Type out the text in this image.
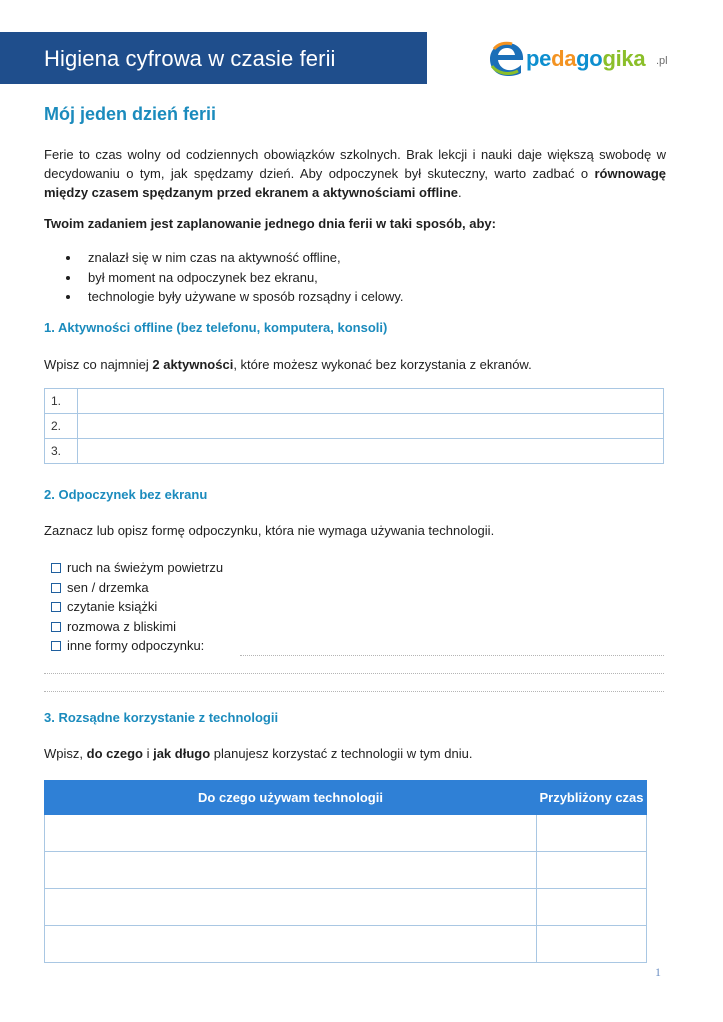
Higiena cyfrowa w czasie ferii	pedagogika .pl
Mój jeden dzień ferii
Ferie to czas wolny od codziennych obowiązków szkolnych. Brak lekcji i nauki daje większą swobodę w decydowaniu o tym, jak spędzamy dzień. Aby odpoczynek był skuteczny, warto zadbać o równowagę między czasem spędzanym przed ekranem a aktywnościami offline.
Twoim zadaniem jest zaplanowanie jednego dnia ferii w taki sposób, aby:
znalazł się w nim czas na aktywność offline,
był moment na odpoczynek bez ekranu,
technologie były używane w sposób rozsądny i celowy.
1. Aktywności offline (bez telefonu, komputera, konsoli)
Wpisz co najmniej 2 aktywności, które możesz wykonać bez korzystania z ekranów.
1.	
2.	
3.	
2. Odpoczynek bez ekranu
Zaznacz lub opisz formę odpoczynku, która nie wymaga używania technologii.
ruch na świeżym powietrzu
sen / drzemka
czytanie książki
rozmowa z bliskimi
inne formy odpoczynku:
3. Rozsądne korzystanie z technologii
Wpisz, do czego i jak długo planujesz korzystać z technologii w tym dniu.
Do czego używam technologii	Przybliżony czas

1
